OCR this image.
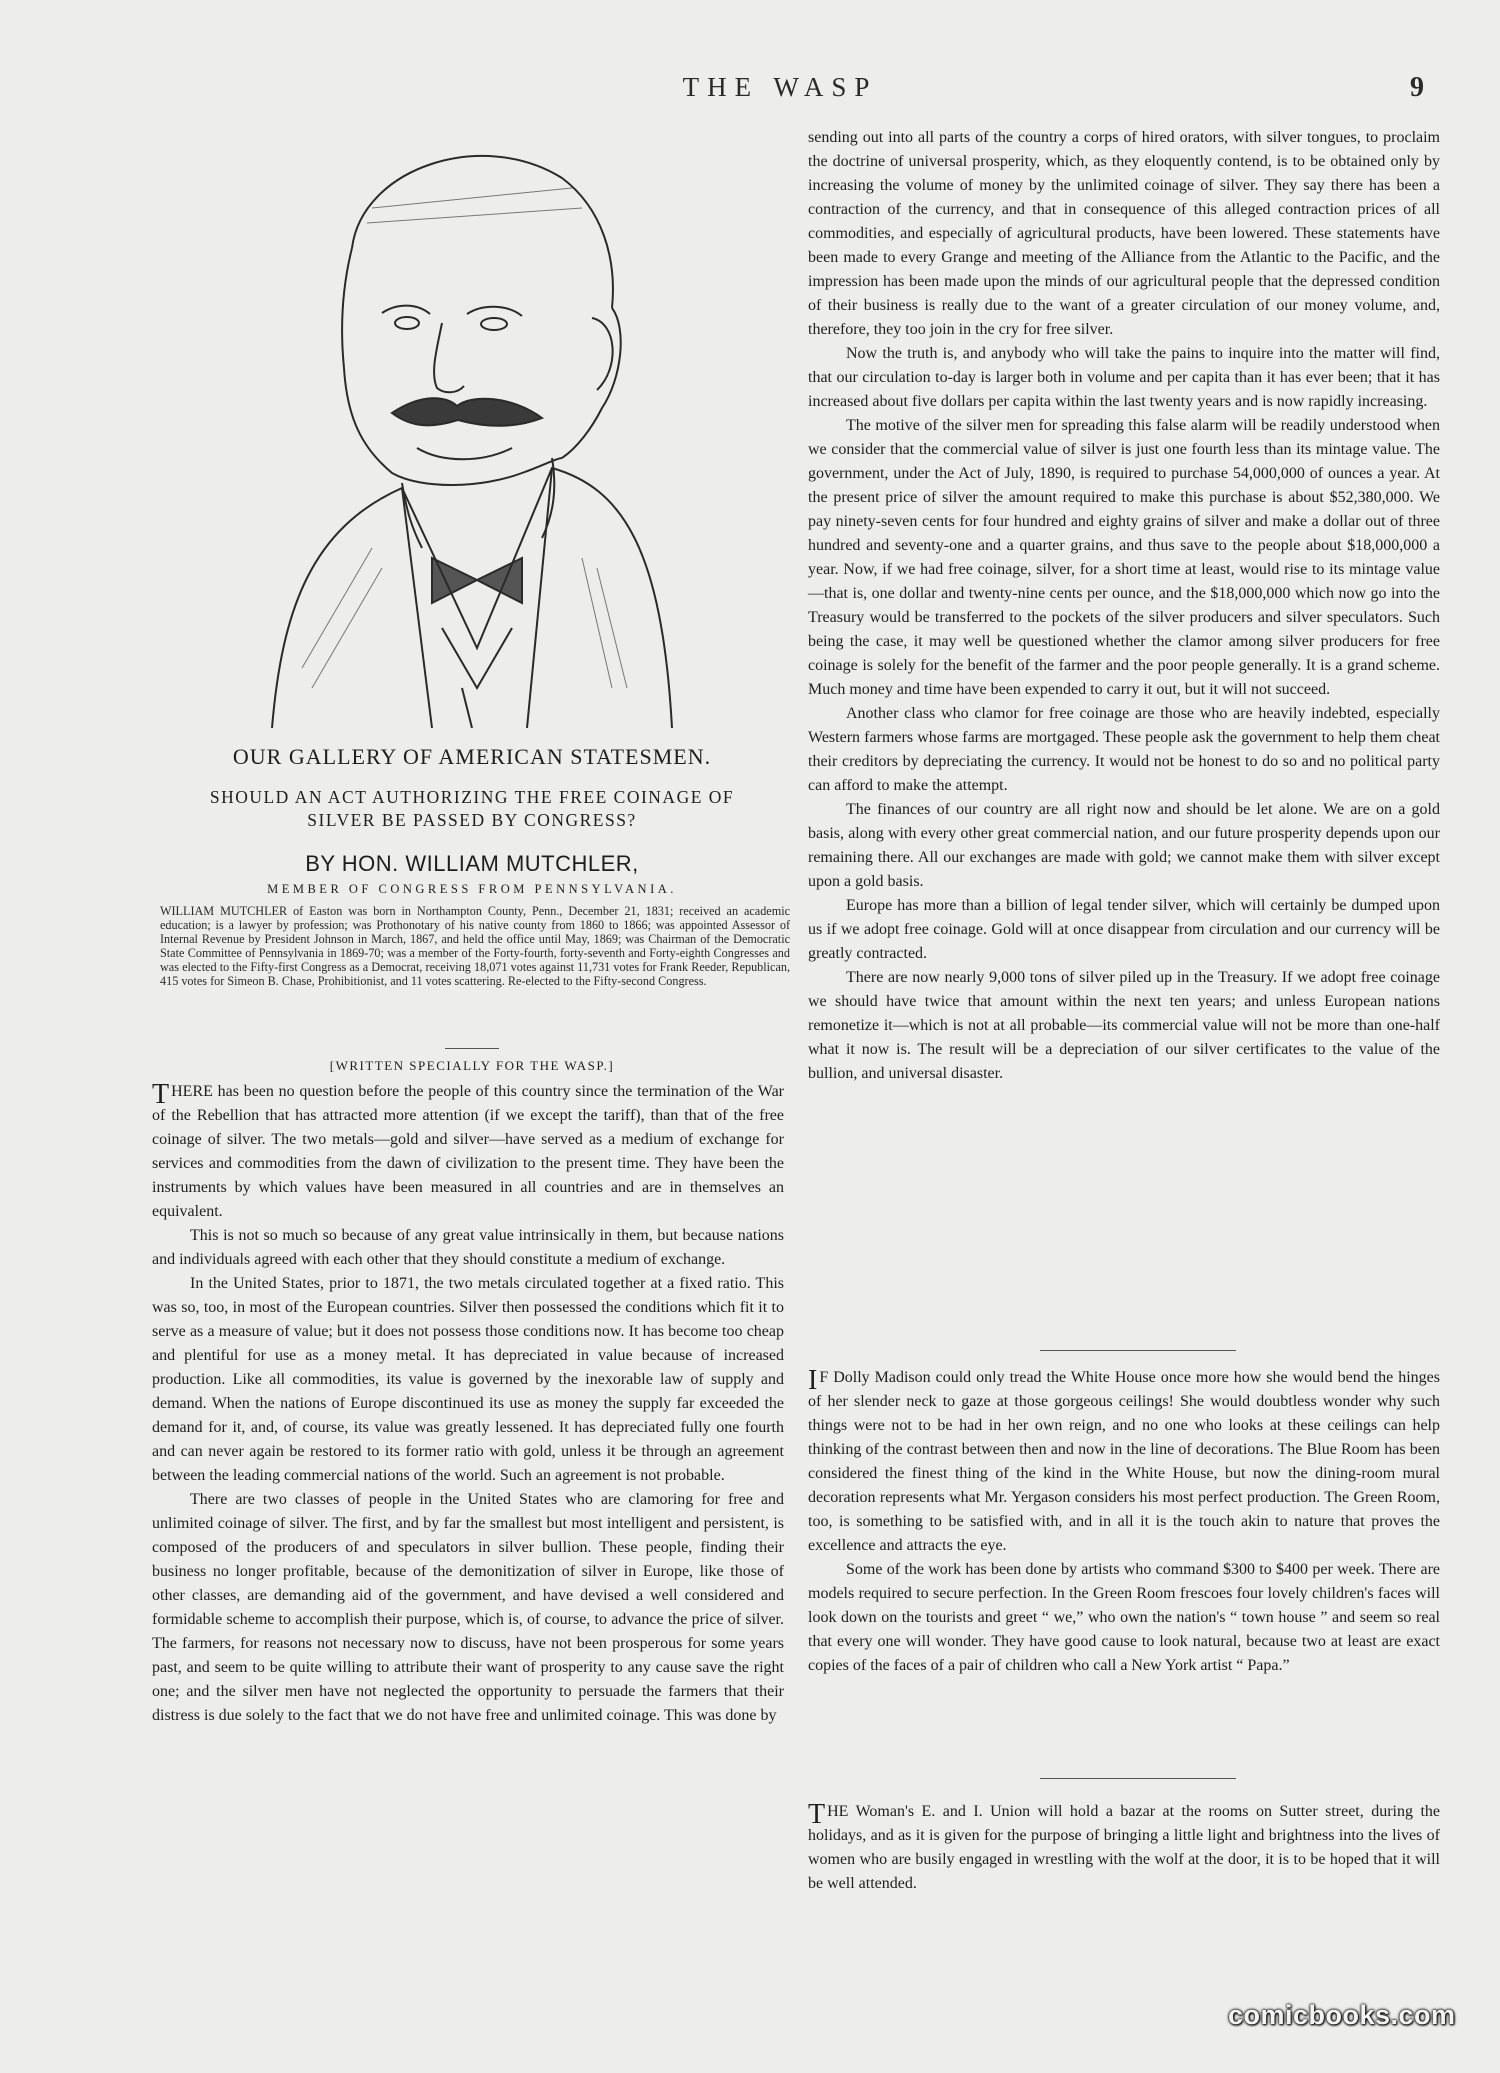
THE WASP	9
OUR GALLERY OF AMERICAN STATESMEN.
SHOULD AN ACT AUTHORIZING THE FREE COINAGE OF
SILVER BE PASSED BY CONGRESS?
BY HON. WILLIAM MUTCHLER,
MEMBER OF CONGRESS FROM PENNSYLVANIA.
WILLIAM MUTCHLER of Easton was born in Northampton County, Penn., December 21, 1831; received an academic education; is a lawyer by profession; was Prothonotary of his native county from 1860 to 1866; was appointed Assessor of Internal Revenue by President Johnson in March, 1867, and held the office until May, 1869; was Chairman of the Democratic State Committee of Pennsylvania in 1869-70; was a member of the Forty-fourth, forty-seventh and Forty-eighth Congresses and was elected to the Fifty-first Congress as a Democrat, receiving 18,071 votes against 11,731 votes for Frank Reeder, Republican, 415 votes for Simeon B. Chase, Prohibitionist, and 11 votes scattering. Re-elected to the Fifty-second Congress.
[WRITTEN SPECIALLY FOR THE WASP.]

THERE has been no question before the people of this country since the termination of the War of the Rebellion that has attracted more attention (if we except the tariff), than that of the free coinage of silver. The two metals—gold and silver—have served as a medium of exchange for services and commodities from the dawn of civilization to the present time. They have been the instruments by which values have been measured in all countries and are in themselves an equivalent.

This is not so much so because of any great value intrinsically in them, but because nations and individuals agreed with each other that they should constitute a medium of exchange.

In the United States, prior to 1871, the two metals circulated together at a fixed ratio. This was so, too, in most of the European countries. Silver then possessed the conditions which fit it to serve as a measure of value; but it does not possess those conditions now. It has become too cheap and plentiful for use as a money metal. It has depreciated in value because of increased production. Like all commodities, its value is governed by the inexorable law of supply and demand. When the nations of Europe discontinued its use as money the supply far exceeded the demand for it, and, of course, its value was greatly lessened. It has depreciated fully one fourth and can never again be restored to its former ratio with gold, unless it be through an agreement between the leading commercial nations of the world. Such an agreement is not probable.

There are two classes of people in the United States who are clamoring for free and unlimited coinage of silver. The first, and by far the smallest but most intelligent and persistent, is composed of the producers of and speculators in silver bullion. These people, finding their business no longer profitable, because of the demonitization of silver in Europe, like those of other classes, are demanding aid of the government, and have devised a well considered and formidable scheme to accomplish their purpose, which is, of course, to advance the price of silver. The farmers, for reasons not necessary now to discuss, have not been prosperous for some years past, and seem to be quite willing to attribute their want of prosperity to any cause save the right one; and the silver men have not neglected the opportunity to persuade the farmers that their distress is due solely to the fact that we do not have free and unlimited coinage. This was done by

sending out into all parts of the country a corps of hired orators, with silver tongues, to proclaim the doctrine of universal prosperity, which, as they eloquently contend, is to be obtained only by increasing the volume of money by the unlimited coinage of silver. They say there has been a contraction of the currency, and that in consequence of this alleged contraction prices of all commodities, and especially of agricultural products, have been lowered. These statements have been made to every Grange and meeting of the Alliance from the Atlantic to the Pacific, and the impression has been made upon the minds of our agricultural people that the depressed condition of their business is really due to the want of a greater circulation of our money volume, and, therefore, they too join in the cry for free silver.

Now the truth is, and anybody who will take the pains to inquire into the matter will find, that our circulation to-day is larger both in volume and per capita than it has ever been; that it has increased about five dollars per capita within the last twenty years and is now rapidly increasing.

The motive of the silver men for spreading this false alarm will be readily understood when we consider that the commercial value of silver is just one fourth less than its mintage value. The government, under the Act of July, 1890, is required to purchase 54,000,000 of ounces a year. At the present price of silver the amount required to make this purchase is about $52,380,000. We pay ninety-seven cents for four hundred and eighty grains of silver and make a dollar out of three hundred and seventy-one and a quarter grains, and thus save to the people about $18,000,000 a year. Now, if we had free coinage, silver, for a short time at least, would rise to its mintage value—that is, one dollar and twenty-nine cents per ounce, and the $18,000,000 which now go into the Treasury would be transferred to the pockets of the silver producers and silver speculators. Such being the case, it may well be questioned whether the clamor among silver producers for free coinage is solely for the benefit of the farmer and the poor people generally. It is a grand scheme. Much money and time have been expended to carry it out, but it will not succeed.

Another class who clamor for free coinage are those who are heavily indebted, especially Western farmers whose farms are mortgaged. These people ask the government to help them cheat their creditors by depreciating the currency. It would not be honest to do so and no political party can afford to make the attempt.

The finances of our country are all right now and should be let alone. We are on a gold basis, along with every other great commercial nation, and our future prosperity depends upon our remaining there. All our exchanges are made with gold; we cannot make them with silver except upon a gold basis.

Europe has more than a billion of legal tender silver, which will certainly be dumped upon us if we adopt free coinage. Gold will at once disappear from circulation and our currency will be greatly contracted.

There are now nearly 9,000 tons of silver piled up in the Treasury. If we adopt free coinage we should have twice that amount within the next ten years; and unless European nations remonetize it—which is not at all probable—its commercial value will not be more than one-half what it now is. The result will be a depreciation of our silver certificates to the value of the bullion, and universal disaster.

I F Dolly Madison could only tread the White House once more how she would bend the hinges of her slender neck to gaze at those gorgeous ceilings! She would doubtless wonder why such things were not to be had in her own reign, and no one who looks at these ceilings can help thinking of the contrast between then and now in the line of decorations. The Blue Room has been considered the finest thing of the kind in the White House, but now the dining-room mural decoration represents what Mr. Yergason considers his most perfect production. The Green Room, too, is something to be satisfied with, and in all it is the touch akin to nature that proves the excellence and attracts the eye.

Some of the work has been done by artists who command $300 to $400 per week. There are models required to secure perfection. In the Green Room frescoes four lovely children's faces will look down on the tourists and greet “ we,” who own the nation's “ town house ” and seem so real that every one will wonder. They have good cause to look natural, because two at least are exact copies of the faces of a pair of children who call a New York artist “ Papa.”

THE Woman's E. and I. Union will hold a bazar at the rooms on Sutter street, during the holidays, and as it is given for the purpose of bringing a little light and brightness into the lives of women who are busily engaged in wrestling with the wolf at the door, it is to be hoped that it will be well attended.

comicbooks.com
